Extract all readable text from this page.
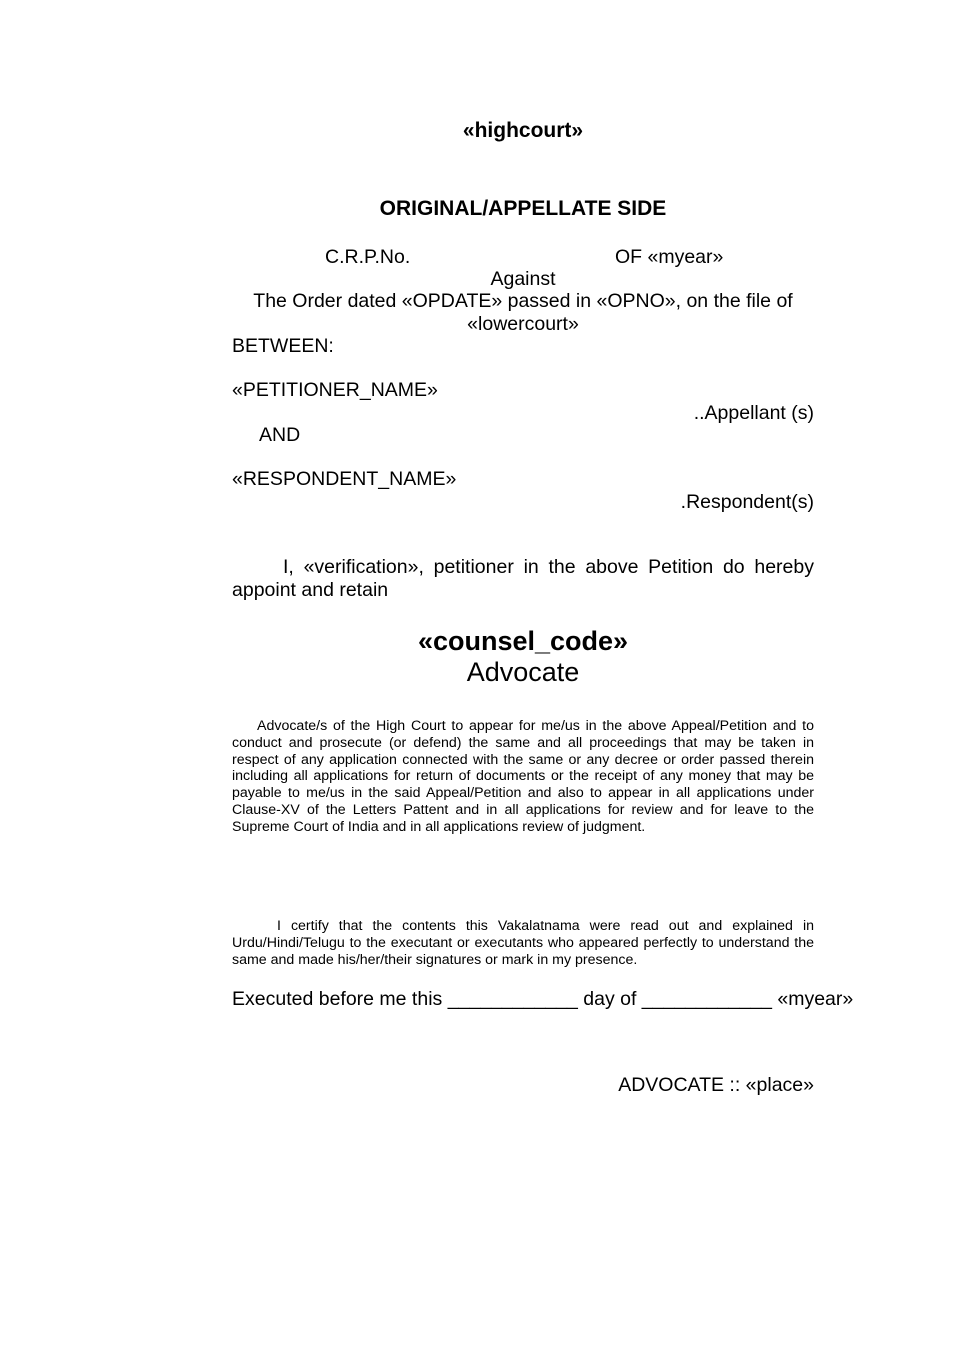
«highcourt»
ORIGINAL/APPELLATE SIDE
C.R.P.No.	OF «myear»
Against
The Order dated «OPDATE» passed in «OPNO», on the file of
«lowercourt»
BETWEEN:
«PETITIONER_NAME»
..Appellant (s)
AND
«RESPONDENT_NAME»
.Respondent(s)
I, «verification», petitioner in the above Petition do hereby appoint and retain
«counsel_code»
Advocate
Advocate/s of the High Court to appear for me/us in the above Appeal/Petition and to conduct and prosecute (or defend) the same and all proceedings that may be taken in respect of any application connected with the same or any decree or order passed therein including all applications for return of documents or the receipt of any money that may be payable to me/us in the said Appeal/Petition and also to appear in all applications under Clause-XV of the Letters Pattent and in all applications for review and for leave to the Supreme Court of India and in all applications review of judgment.
I certify that the contents this Vakalatnama were read out and explained in Urdu/Hindi/Telugu to the executant or executants who appeared perfectly to understand the same and made his/her/their signatures or mark in my presence.
Executed before me this ____________ day of ____________ «myear»
ADVOCATE :: «place»
